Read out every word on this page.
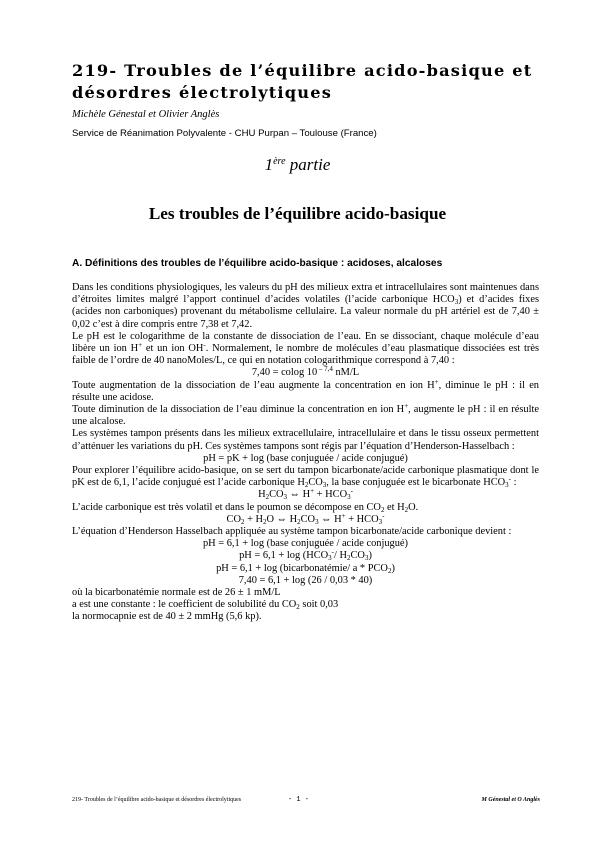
219- Troubles de l’équilibre acido-basique et désordres électrolytiques
Michèle Génestal et Olivier Anglès
Service de Réanimation Polyvalente - CHU Purpan – Toulouse (France)
1ère partie
Les troubles de l’équilibre acido-basique
A. Définitions des troubles de l’équilibre acido-basique : acidoses, alcaloses

Dans les conditions physiologiques, les valeurs du pH des milieux extra et intracellulaires sont maintenues dans d’étroites limites malgré l’apport continuel d’acides volatiles (l’acide carbonique $HCO_3$) et d’acides fixes (acides non carboniques) provenant du métabolisme cellulaire. La valeur normale du pH artériel est de 7,40 ± 0,02 c’est à dire compris entre 7,38 et 7,42.

Le pH est le cologarithme de la constante de dissociation de l’eau. En se dissociant, chaque molécule d’eau libère un ion H+ et un ion OH-. Normalement, le nombre de molécules d’eau plasmatique dissociées est très faible de l’ordre de 40 nanoMoles/L, ce qui en notation cologarithmique correspond à 7,40 :

7,40 = colog 10 $^{- 7,4}$ nM/L

Toute augmentation de la dissociation de l’eau augmente la concentration en ion H+, diminue le pH : il en résulte une acidose.

Toute diminution de la dissociation de l’eau diminue la concentration en ion H+, augmente le pH : il en résulte une alcalose.

Les systèmes tampon présents dans les milieux extracellulaire, intracellulaire et dans le tissu osseux permettent d’atténuer les variations du pH. Ces systèmes tampons sont régis par l’équation d’Henderson-Hasselbach :

pH = pK + log (base conjuguée / acide conjugué)

Pour explorer l’équilibre acido-basique, on se sert du tampon bicarbonate/acide carbonique plasmatique dont le pK est de 6,1, l’acide conjugué est l’acide carbonique $H_2CO_3$, la base conjuguée est le bicarbonate $HCO_3^-$ :

$H_2CO_3$ ⇔ $H^+ + HCO_3^-$

L’acide carbonique est très volatil et dans le poumon se décompose en $CO_2$ et $H_2O$.

$CO_2 + H_2O$ ⇔ $H_2CO_3$ ⇔ $H^+ + HCO_3^-$

L’équation d’Henderson Hasselbach appliquée au système tampon bicarbonate/acide carbonique devient :

pH = 6,1 + log (base conjuguée / acide conjugué)

pH = $6,1 + \log (HCO_3^-/$ $H_2CO_3$)

pH = 6,1 + log (bicarbonatémie/ a * $PCO_2$)

7,40 = 6,1 + log (26 / 0,03 * 40)

où la bicarbonatémie normale est de 26 ± 1 mM/L

a est une constante : le coefficient de solubilité du $CO_2$ soit 0,03

la normocapnie est de 40 ± 2 mmHg (5,6 kp).

219- Troubles de l’équilibre acido-basique et désordres électrolytiques	- 1 -	M Génestal et O Anglès
